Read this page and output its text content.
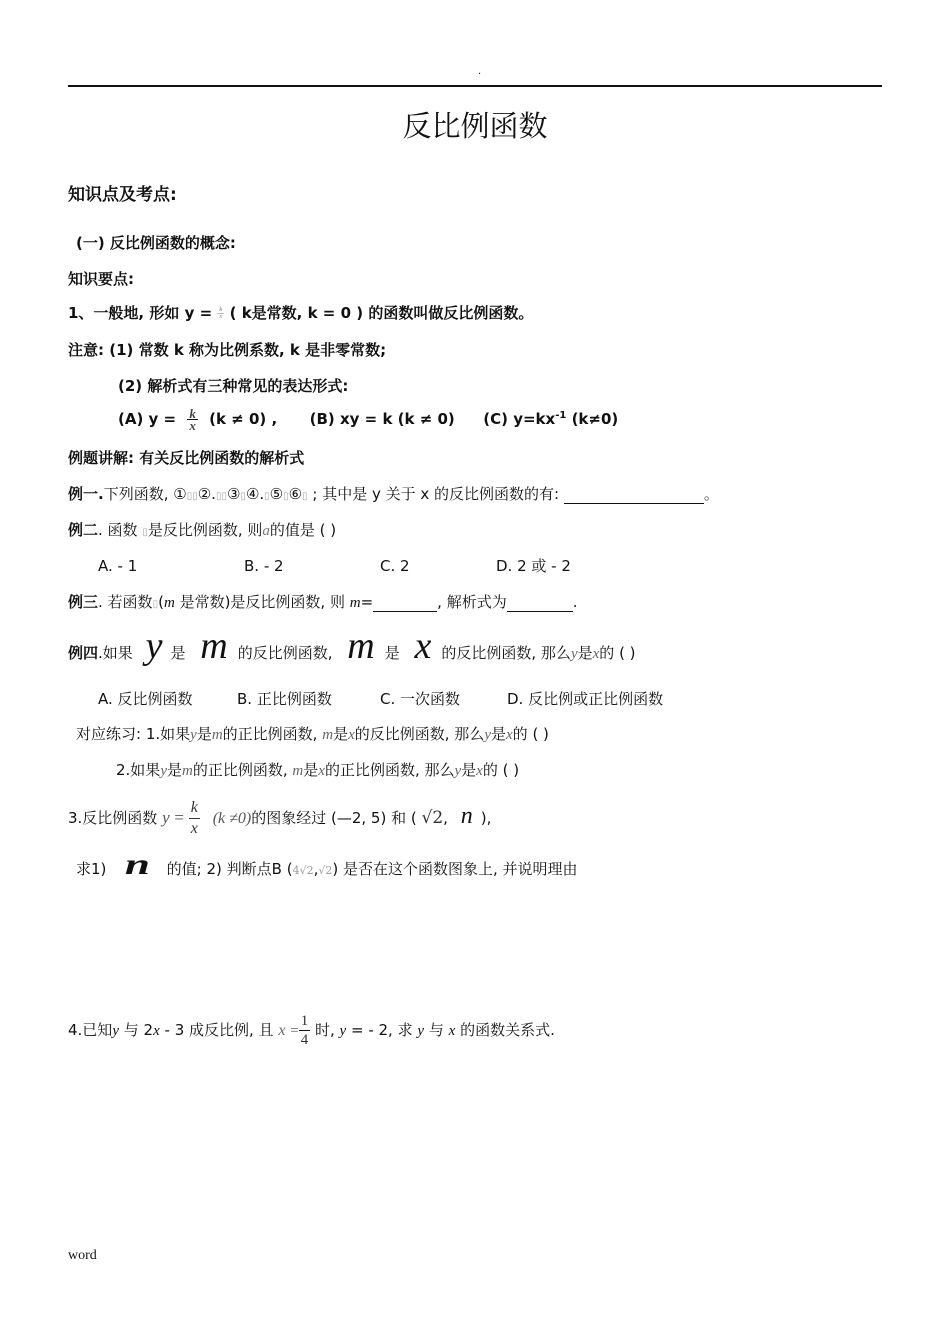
.
反比例函数
知识点及考点:
(一) 反比例函数的概念:
知识要点:
1、一般地, 形如 $y = \frac{k}{x}$ ( k是常数, k = 0 ) 的函数叫做反比例函数。
注意: (1) 常数 k 称为比例系数, k 是非零常数;
(2) 解析式有三种常见的表达形式:
(A) $y = \frac{k}{x} (k \ne 0)$ , (B) xy = k (k ≠ 0) (C) $y=kx^{-1}$ (k≠0)
例题讲解: 有关反比例函数的解析式
例一.下列函数, ①▯▯②.▯▯③▯④.▯⑤▯⑥▯ ; 其中是 y 关于 x 的反比例函数的有:	。
例二. 函数 ▯是反比例函数, 则a的值是 ( )
A. - 1	B. - 2	C. 2	D. 2 或 - 2
例三. 若函数▯(m 是常数)是反比例函数, 则 m=	, 解析式为	.
例四.如果 y 是 m 的反比例函数, m 是 x 的反比例函数, 那么y是x的 ( )
A. 反比例函数	B. 正比例函数	C. 一次函数	D. 反比例或正比例函数
对应练习: 1.如果y是m的正比例函数, m是x的反比例函数, 那么y是x的 ( )
2.如果y是m的正比例函数, m是x的正比例函数, 那么y是x的 ( )
3.反比例函数 $y = \frac{k}{x} (k \ne 0)$的图象经过 (—2, 5) 和 ( √2, n ),
求1) n 的值; 2) 判断点B (4√2,√2) 是否在这个函数图象上, 并说明理由
4.已知y 与 2x - 3 成反比例, 且 $x = \frac{1}{4}$ 时, y = - 2, 求 y 与 x 的函数关系式.
word
